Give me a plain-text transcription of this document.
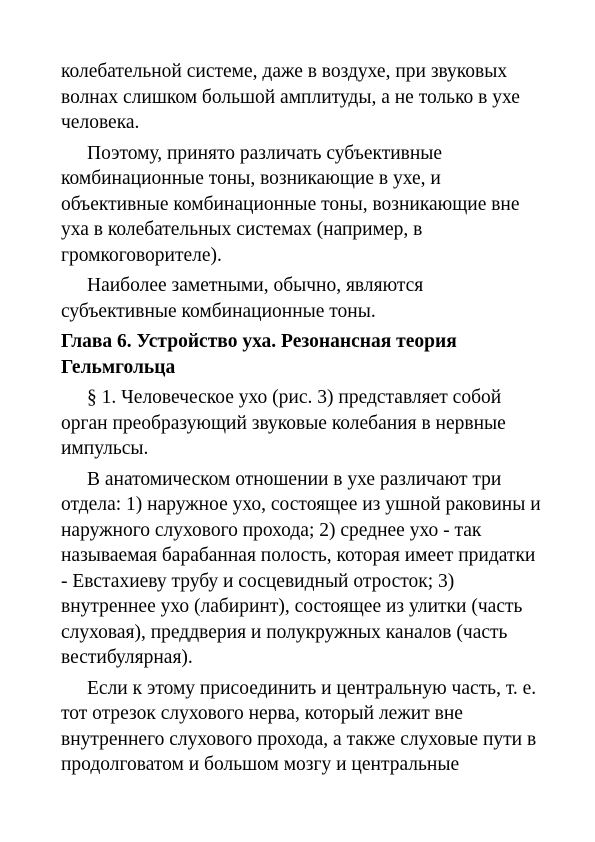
колебательной системе, даже в воздухе, при звуковых волнах слишком большой амплитуды, а не только в ухе человека.

Поэтому, принято различать субъективные комбинационные тоны, возникающие в ухе, и объективные комбинационные тоны, возникающие вне уха в колебательных системах (например, в громкоговорителе).

Наиболее заметными, обычно, являются субъективные комбинационные тоны.

Глава 6. Устройство уха. Резонансная теория Гельмгольца

§ 1. Человеческое ухо (рис. 3) представляет собой орган преобразующий звуковые колебания в нервные импульсы.

В анатомическом отношении в ухе различают три отдела: 1) наружное ухо, состоящее из ушной раковины и наружного слухового прохода; 2) среднее ухо - так называемая барабанная полость, которая имеет придатки - Евстахиеву трубу и сосцевидный отросток; 3) внутреннее ухо (лабиринт), состоящее из улитки (часть слуховая), преддверия и полукружных каналов (часть вестибулярная).

Если к этому присоединить и центральную часть, т. е. тот отрезок слухового нерва, который лежит вне внутреннего слухового прохода, а также слуховые пути в продолговатом и большом мозгу и центральные
